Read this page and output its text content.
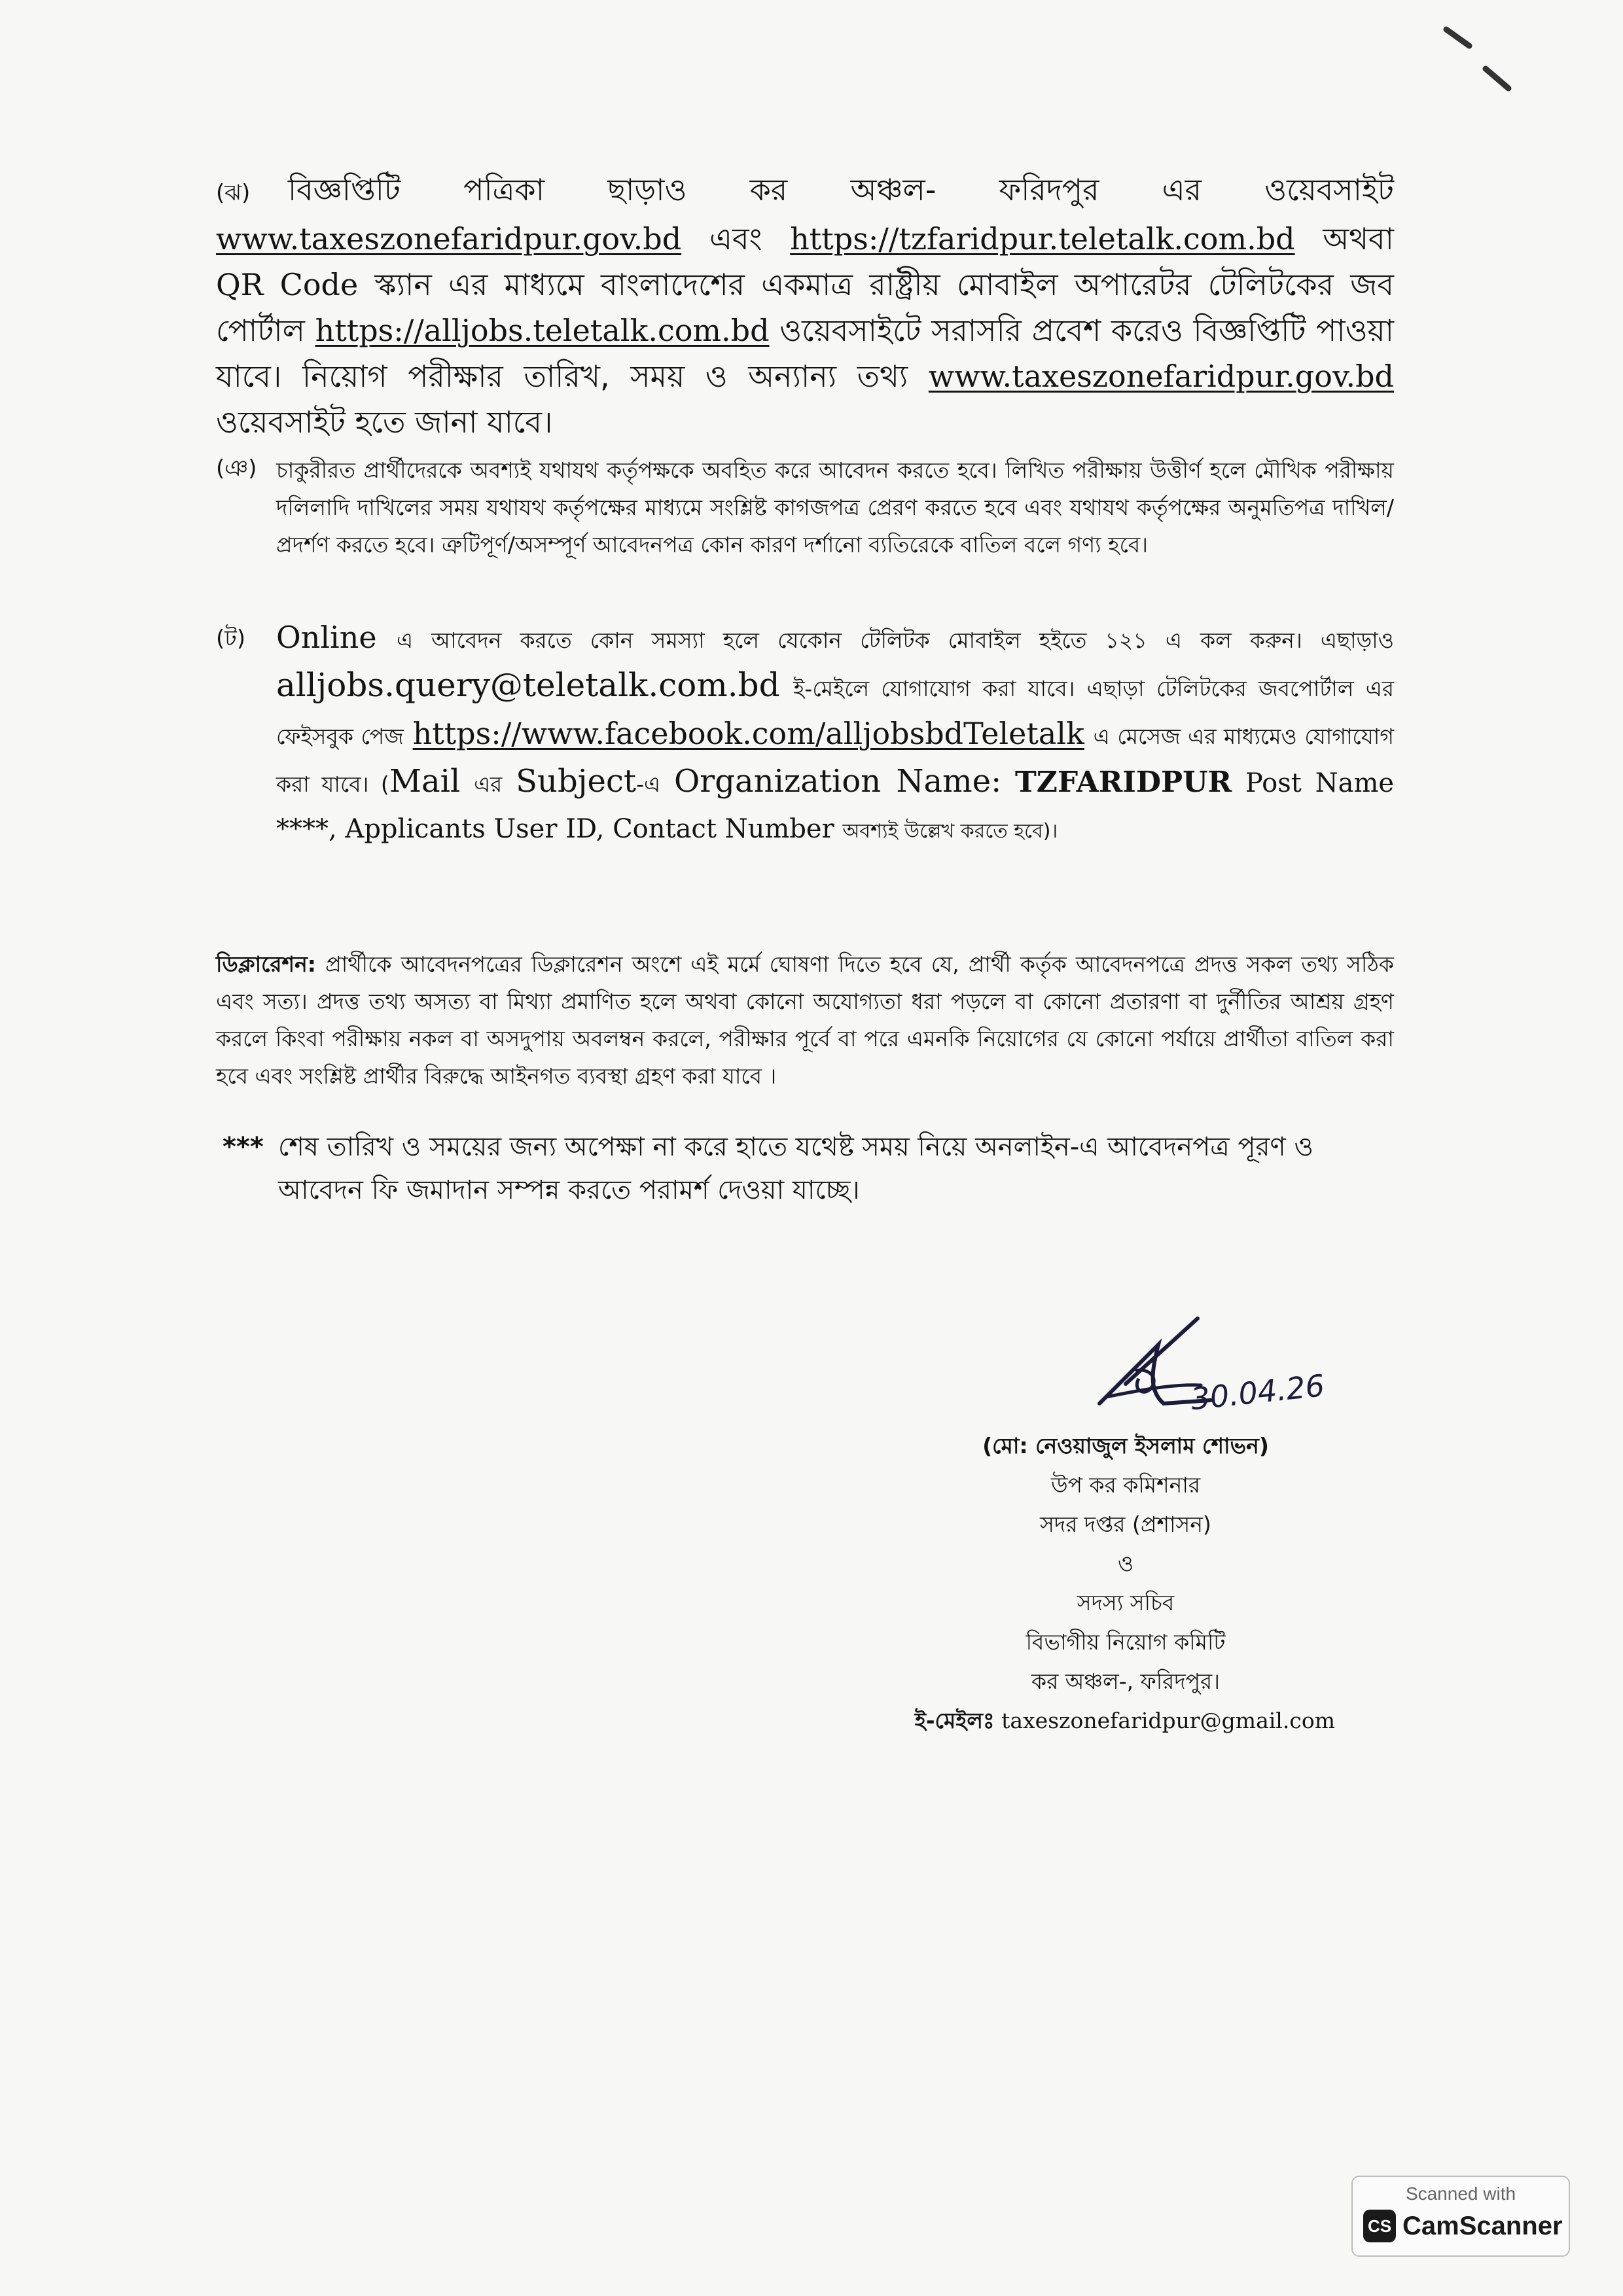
(ঝ) বিজ্ঞপ্তিটি পত্রিকা ছাড়াও কর অঞ্চল- ফরিদপুর এর ওয়েবসাইট www.taxeszonefaridpur.gov.bd এবং https://tzfaridpur.teletalk.com.bd অথবা QR Code স্ক্যান এর মাধ্যমে বাংলাদেশের একমাত্র রাষ্ট্রীয় মোবাইল অপারেটর টেলিটকের জব পোর্টাল https://alljobs.teletalk.com.bd ওয়েবসাইটে সরাসরি প্রবেশ করেও বিজ্ঞপ্তিটি পাওয়া যাবে। নিয়োগ পরীক্ষার তারিখ, সময় ও অন্যান্য তথ্য www.taxeszonefaridpur.gov.bd ওয়েবসাইট হতে জানা যাবে।
(ঞ) চাকুরীরত প্রার্থীদেরকে অবশ্যই যথাযথ কর্তৃপক্ষকে অবহিত করে আবেদন করতে হবে। লিখিত পরীক্ষায় উত্তীর্ণ হলে মৌখিক পরীক্ষায় দলিলাদি দাখিলের সময় যথাযথ কর্তৃপক্ষের মাধ্যমে সংশ্লিষ্ট কাগজপত্র প্রেরণ করতে হবে এবং যথাযথ কর্তৃপক্ষের অনুমতিপত্র দাখিল/প্রদর্শণ করতে হবে। ত্রুটিপূর্ণ/অসম্পূর্ণ আবেদনপত্র কোন কারণ দর্শানো ব্যতিরেকে বাতিল বলে গণ্য হবে।
(ট) Online এ আবেদন করতে কোন সমস্যা হলে যেকোন টেলিটক মোবাইল হইতে ১২১ এ কল করুন। এছাড়াও alljobs.query@teletalk.com.bd ই-মেইলে যোগাযোগ করা যাবে। এছাড়া টেলিটকের জবপোর্টাল এর ফেইসবুক পেজ https://www.facebook.com/alljobsbdTeletalk এ মেসেজ এর মাধ্যমেও যোগাযোগ করা যাবে। (Mail এর Subject-এ Organization Name: TZFARIDPUR Post Name ****, Applicants User ID, Contact Number অবশ্যই উল্লেখ করতে হবে)।
ডিক্লারেশন: প্রার্থীকে আবেদনপত্রের ডিক্লারেশন অংশে এই মর্মে ঘোষণা দিতে হবে যে, প্রার্থী কর্তৃক আবেদনপত্রে প্রদত্ত সকল তথ্য সঠিক এবং সত্য। প্রদত্ত তথ্য অসত্য বা মিথ্যা প্রমাণিত হলে অথবা কোনো অযোগ্যতা ধরা পড়লে বা কোনো প্রতারণা বা দুর্নীতির আশ্রয় গ্রহণ করলে কিংবা পরীক্ষায় নকল বা অসদুপায় অবলম্বন করলে, পরীক্ষার পূর্বে বা পরে এমনকি নিয়োগের যে কোনো পর্যায়ে প্রার্থীতা বাতিল করা হবে এবং সংশ্লিষ্ট প্রার্থীর বিরুদ্ধে আইনগত ব্যবস্থা গ্রহণ করা যাবে ।
*** শেষ তারিখ ও সময়ের জন্য অপেক্ষা না করে হাতে যথেষ্ট সময় নিয়ে অনলাইন-এ আবেদনপত্র পূরণ ও আবেদন ফি জমাদান সম্পন্ন করতে পরামর্শ দেওয়া যাচ্ছে।
30.04.26
(মো: নেওয়াজুল ইসলাম শোভন)
উপ কর কমিশনার
সদর দপ্তর (প্রশাসন)
ও
সদস্য সচিব
বিভাগীয় নিয়োগ কমিটি
কর অঞ্চল-, ফরিদপুর।
ই-মেইলঃ taxeszonefaridpur@gmail.com
Scanned with
CS CamScanner
